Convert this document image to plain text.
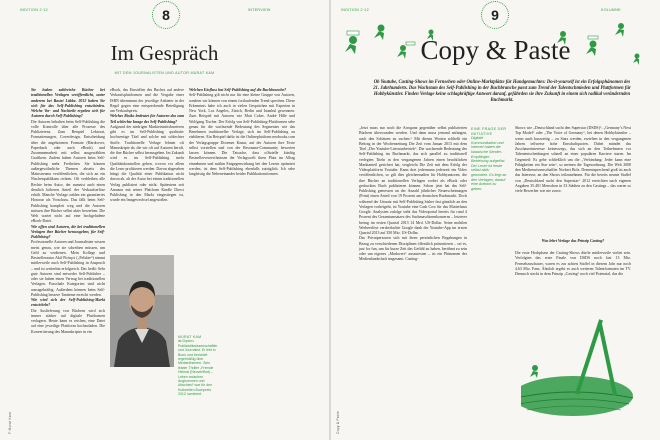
INDITION 2·12	INTERVIEW
8
Im Gespräch
MIT DEM JOURNALISTEN UND AUTOR MURAT KAM

Sie haben zahlreiche Bücher bei traditionellen Verlagen veröffentlicht, unter anderem bei Bastei Lübbe. 2012 haben Sie sich für das Self-Publishing entschieden. Welche Vor- und Nachteile ergeben sich für Autoren durch Self-Publishing?

Die Autoren behalten beim Self-Publishing die volle Kontrolle über alle Prozesse des Publizierens. Zum Beispiel Lektorat, Formatierungen, Coverdesign, Entscheidung über die angebotenen Formate (Hardcover, Paperback oder auch eBook) und Zusammenarbeit mit selbst ausgewählten Grafikern. Zudem haben Autoren beim Self-Publishing mehr Freiheiten. Sie können außergewöhnliche Themen abseits des Mainstreams veröffentlichen, die sich an ein Nischenpublikum richten. Oft verbleiben alle Rechte beim Autor, der zumeist auch einen deutlich höheren Anteil der Verkaufserlöse erhält. Manche Verlage zahlen ein garantiertes Honorar als Vorschuss. Das fällt beim Self-Publishing komplett weg und die Autoren müssen ihre Bücher selbst aktiv bewerben. Die Welt wartet nicht auf eine hochgeladene eBook-Datei.

Wie offen sind Autoren, die bei traditionellen Verlagen ihre Bücher herausgeben, für Self-Publishing?

Professionelle Autoren und Journalisten wissen meist genau, wie sie schreiben müssen, um Geld zu verdienen. Mein Kollege und Bestsellerautor Akif Pirinçci („Felidae“) nimmt mittlerweile auch Self-Publishing in Anspruch – und ist weiterhin erfolgreich. Das heißt: Sehr gute Autoren sind entweder Self-Publisher – oder sie haben einen Vertrag bei traditionellen Verlagen. Passchale Kategorien sind nicht aussagekräftig. Außerdem können beim Self-Publishing bessere Tantieme erreicht werden.

Wie wird sich der Self-Publishing-Markt entwickeln?

Die Auslieferung von Büchern wird sich immer stärker auf digitale Plattformen verlagern. Heute kann es reichen, eine Datei auf eine jeweilige Plattform hochzuladen. Die Konvertierung des Manuskriptes in ein

eBook, das Einstellen des Buches auf andere Verkaufsplattformen und die Vergabe einer ISBN übernimmt der jeweilige Anbieter in der Regel gegen eine entsprechende Beteiligung am Verkaufspreis.

Welches Risiko bedeutet für Autoren das zum Teil schlechte Image des Self-Publishing?

Aufgrund der niedrigen Markteintrittsbarrieren gibt es im Self-Publishing qualitativ hochwertige Titel und solche mit schlechter Stoffe. Traditionelle Verlage lehnen oft Manuskripte ab, die wir oft auf Autoren beruft, die ihre Bücher selbst herausgeben. Im Zukunft wird es im Self-Publishing mehr Qualitätskontrollen geben, wovon vor allem die Leser profitieren werden. Davon abgesehen hängt die Qualität einer Publikation nicht davon ab, ob der Autor bei einem traditionellen Verlag publiziert oder nicht. Spätestens seit Amazon mit seiner Plattform Kindle Direct Publishing in den Markt eingestiegen ist, wurde ein Imagewechsel angestoßen.

Welchen Einfluss hat Self-Publishing auf die Buchbranche?

Self-Publishing gilt nicht nur für eine kleine Gruppe von Autoren, sondern wir können von einem fortlaufenden Trend sprechen. Diese Erkenntnis habe ich auch in vielen Gesprächen mit Experten in New York, Los Angeles, Zürich, Berlin und Istanbul gewonnen. Zum Beispiel mit Autoren wie Matt Coker, André Hille und Wolfgang Tischer. Der Erfolg von Self-Publishing-Plattformen sehe genau für die wachsende Bedeutung des Segmentes wie das Benehmen traditioneller Verlage, sich im Self-Publishing zu etablieren. Ein Beispiel dafür ist die Onlineplattform neobooks.com der Verlagsgruppe Droemer Knaur, auf der Autoren ihre Texte selbst vorstellen und von der Resonanz-Community bewerten lassen können. Die Tatsache, dass offizielle künftig Bestsellerverzeichnissen der Verlagswelt ihren Platz im Alltag einnehmen und mithin Entgegenwirkung bei den Lesern optimiert werden, ist dem Self-Publishing ebenfalls zuträglich. Ich sehe langfristig die Nebeneinander beider Publikationsformen.

MURAT KAM
ist Diplom-Publizistikwissenschaftler und Journalist. Er lebt in Bonn und berichtet regelmäßig über Medienthemen. Sein letzter Thriller „Fremde Heimat (Neuverfilmt) – Leben zwischen Angkommen und Abschied“ war für den Kulturellen Buchpreis 2012 nominiert.
F·Murat Kam
INDITION 2·12	KOLUMNE
9
Copy & Paste
Ob Youtube, Casting-Shows im Fernsehen oder Online-Marktplätze für Handgemachtes: Do-it-yourself ist ein Erfolgsphänomen des 21. Jahrhunderts. Das Wachstum des Self-Publishing in der Buchbranche passt zum Trend der Talentschmieden und Plattformen für Hobbykünstler. Finden Verlage keine schlagkräftige Antwort darauf, gefährden sie ihre Zukunft in einem sich radikal verändernden Buchmarkt.

„Jetzt muss nur noch die Arroganz gegenüber selbst publizierten Büchern überwunden werden. Und dann muss jemand anfangen, auch den Schätzen zu suchen.“ Mit diesen Worten schließt ein Beitrag in der Wochenzeitung Die Zeit vom Januar 2013 mit dem Titel „Der Youtube-Literaturbetrieb“. Die wachsende Bedeutung des Self-Publishing im Buchmarkt, das sich parallel zu traditionell verlegten Titeln in den vergangenen Jahren einen beachtlichen Marktanteil gesichert hat, vergleicht Die Zeit mit dem Erfolg der Videoplattform Youtube. Kann dort jedermann jederzeit ein Video veröffentlichen, so gilt dies gleichermaßen für Hobbyautoren, die ihre Bücher an traditionellen Verlagen vorbei als eBook oder gedrucktes Buch publizieren können. Schon jetzt hat das Self-Publishing gemessen an der Anzahl jährlicher Neuerscheinungen (Print) einen Anteil von 19 Prozent am deutschen Buchmarkt. Doch während der Umsatz mit Self-Publishing bisher fast gänzlich an den Verlagen vorbeigeht, ist Youtube eine Cash Cow für das Mutterhaus Google. Analysten zufolge steht das Videoportal bereits für rund 4 Prozent des Gesamtumsatzes des Suchmaschinenkonzerns – letzterer betrug im ersten Quartal 2013 14 Mrd. US-Dollar. Seine mobilen Werbeerlöse verdreifachte Google dank der Youtube-App im ersten Quartal 2013 auf 350 Mio. US-Dollar.

Das Privatpersonen sich mit ihren persönlichen Begabungen in Bezug zu verschiedenen Disziplinen öffentlich präsentieren – sei es, just for fun, um für kurze Zeit das Gefühl zu haben, berühmt zu sein oder um eigenes „Markwert“ auszutesten – ist ein Phänomen der Medienlandschaft insgesamt. Casting-

EINE FRAGE DER INITIATIVE
Digitale Kommunikation und Internet haben die klassische Sender-Empfänger-Beziehung aufgelöst. Der Leser ist heute selbst aktiv geworden. Es liegt an den Verlagen, darauf eine Antwort zu geben.

Shows wie „Deutschland sucht den Superstar (DSDS)“, „Germany’s Next Top Model“ oder „The Voice of Germany“, bei denen Hobbykünstler – wenn auch kurzzeitig – zu Stars werden, erzielten in den vergangenen Jahren teilweise hohe Einschaltquoten. Dabei mündet das Zuschauerinteresse keineswegs, das sich an den Teilnehmern vor Talententscheidungen schnell an einer populären Karriere staren. Im Gegenteil: Es gehe schließlich um die „Verbindung: Jeder kann eine Fähigkeiten ein Star sein“, so meinen die Tagesordnung. Die Welt 2008 den Medienwissenschaftler Norbert Bolz. Dementsprechend groß ist auch das Interesse, an den Shows teilzunehmen. Für die bereits neunte Staffel von „Deutschland sucht den Superstar“ 2012 erreichten nach eigenen Angaben 35.401 Menschen in 33 Städten zu den Castings – das waren so viele Bewerber wie nie zuvor.

Was lehrt Verlage das Prinzip Casting?

Die erste Hochphase der Casting-Shows dürfte mittlerweile vorbei sein. Verfolgten das erste Finale von DSDS noch fast 13 Mio. Fernsehzuschauer, waren es zur achten Staffel in diesem Jahr nur noch 4,63 Mio. Fans. Ähnlich ergeht es auch weiteren Talentformaten im TV. Dennoch steckt in dem Prinzip „Casting“ noch viel Potenzial, das die

Copy & Paste
